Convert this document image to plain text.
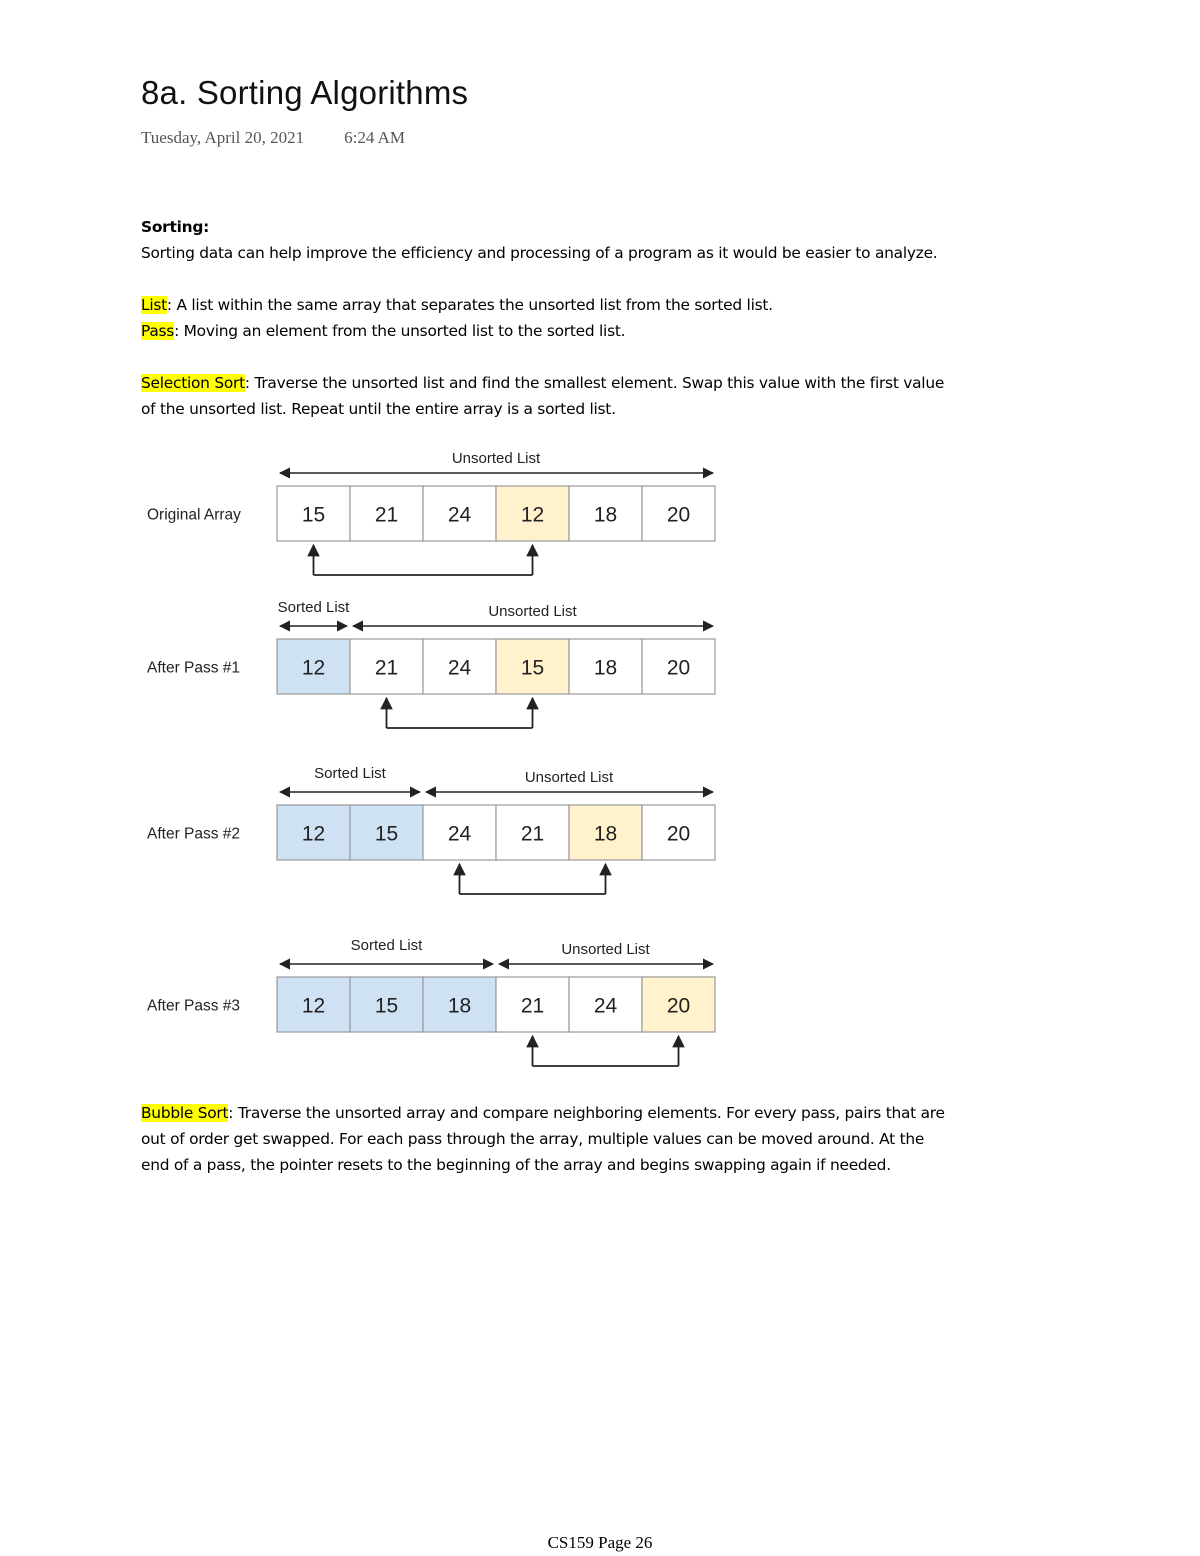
8a. Sorting Algorithms
Tuesday, April 20, 2021 6:24 AM
Sorting:
Sorting data can help improve the efficiency and processing of a program as it would be easier to analyze.
List: A list within the same array that separates the unsorted list from the sorted list.
Pass: Moving an element from the unsorted list to the sorted list.
Selection Sort: Traverse the unsorted list and find the smallest element. Swap this value with the first value
of the unsorted list. Repeat until the entire array is a sorted list.
Original Array
Unsorted List
15 21 24 12 18 20
After Pass #1
Sorted List	Unsorted List
12 21 24 15 18 20
After Pass #2
Sorted List	Unsorted List
12 15 24 21 18 20
After Pass #3
Sorted List	Unsorted List
12 15 18 21 24 20
Bubble Sort: Traverse the unsorted array and compare neighboring elements. For every pass, pairs that are
out of order get swapped. For each pass through the array, multiple values can be moved around. At the
end of a pass, the pointer resets to the beginning of the array and begins swapping again if needed.
CS159 Page 26
